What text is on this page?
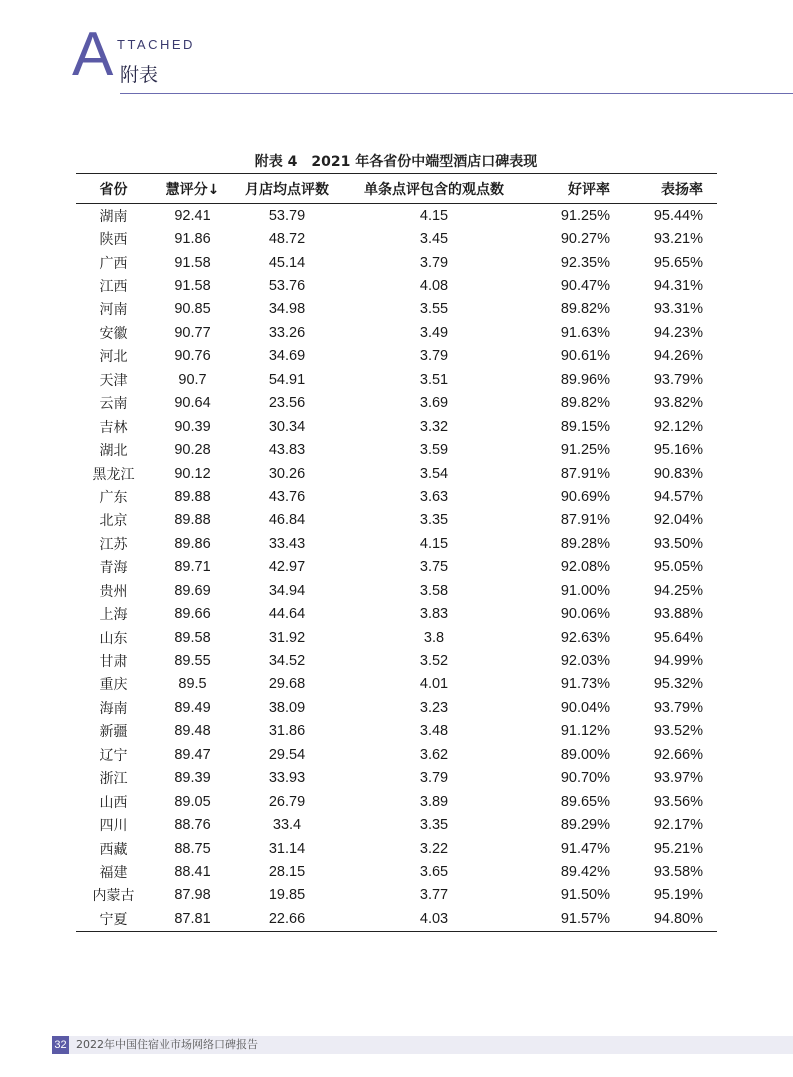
A TTACHED
附表
附表 4　2021 年各省份中端型酒店口碑表现
省份	慧评分↓	月店均点评数	单条点评包含的观点数	好评率	表扬率
湖南	92.41	53.79	4.15	91.25%	95.44%
陕西	91.86	48.72	3.45	90.27%	93.21%
广西	91.58	45.14	3.79	92.35%	95.65%
江西	91.58	53.76	4.08	90.47%	94.31%
河南	90.85	34.98	3.55	89.82%	93.31%
安徽	90.77	33.26	3.49	91.63%	94.23%
河北	90.76	34.69	3.79	90.61%	94.26%
天津	90.7	54.91	3.51	89.96%	93.79%
云南	90.64	23.56	3.69	89.82%	93.82%
吉林	90.39	30.34	3.32	89.15%	92.12%
湖北	90.28	43.83	3.59	91.25%	95.16%
黑龙江	90.12	30.26	3.54	87.91%	90.83%
广东	89.88	43.76	3.63	90.69%	94.57%
北京	89.88	46.84	3.35	87.91%	92.04%
江苏	89.86	33.43	4.15	89.28%	93.50%
青海	89.71	42.97	3.75	92.08%	95.05%
贵州	89.69	34.94	3.58	91.00%	94.25%
上海	89.66	44.64	3.83	90.06%	93.88%
山东	89.58	31.92	3.8	92.63%	95.64%
甘肃	89.55	34.52	3.52	92.03%	94.99%
重庆	89.5	29.68	4.01	91.73%	95.32%
海南	89.49	38.09	3.23	90.04%	93.79%
新疆	89.48	31.86	3.48	91.12%	93.52%
辽宁	89.47	29.54	3.62	89.00%	92.66%
浙江	89.39	33.93	3.79	90.70%	93.97%
山西	89.05	26.79	3.89	89.65%	93.56%
四川	88.76	33.4	3.35	89.29%	92.17%
西藏	88.75	31.14	3.22	91.47%	95.21%
福建	88.41	28.15	3.65	89.42%	93.58%
内蒙古	87.98	19.85	3.77	91.50%	95.19%
宁夏	87.81	22.66	4.03	91.57%	94.80%
32 2022年中国住宿业市场网络口碑报告
